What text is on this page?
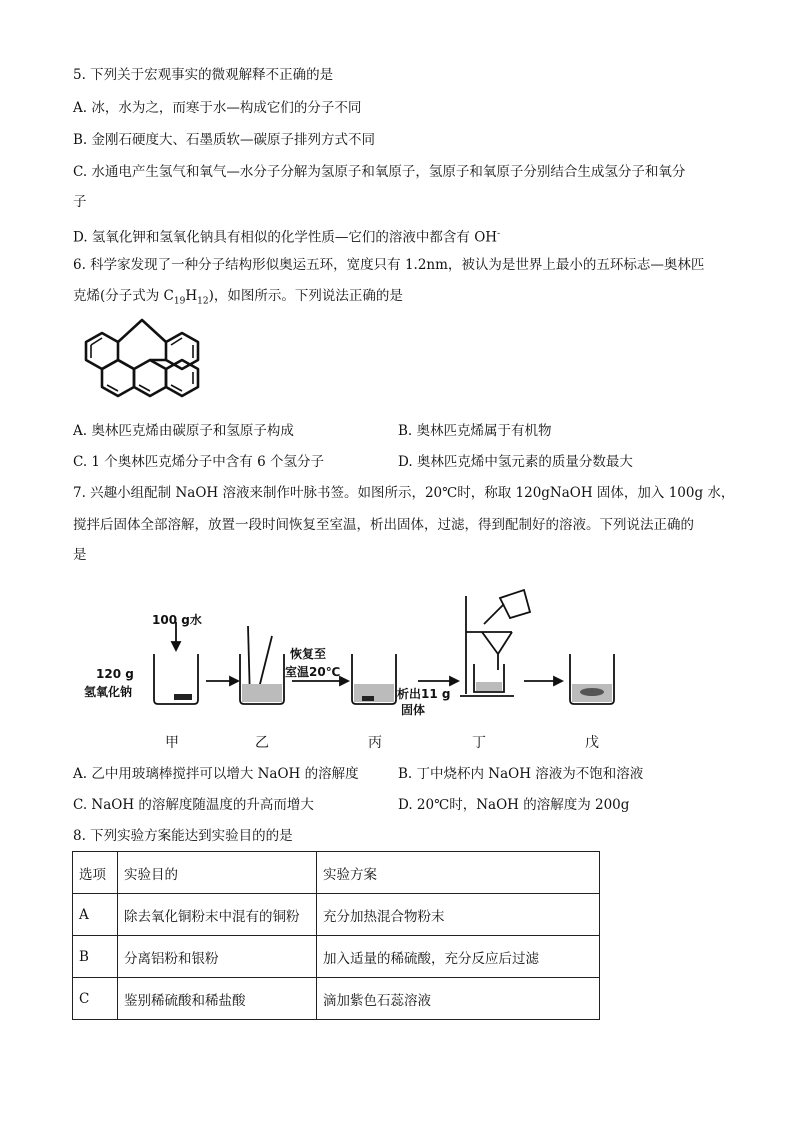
5. 下列关于宏观事实的微观解释不正确的是
A. 冰，水为之，而寒于水—构成它们的分子不同
B. 金刚石硬度大、石墨质软—碳原子排列方式不同
C. 水通电产生氢气和氧气—水分子分解为氢原子和氧原子，氢原子和氧原子分别结合生成氢分子和氧分
子
D. 氢氧化钾和氢氧化钠具有相似的化学性质—它们的溶液中都含有 OH-
6. 科学家发现了一种分子结构形似奥运五环，宽度只有 1.2nm，被认为是世界上最小的五环标志—奥林匹
克烯(分子式为 $C_{19}H_{12}$)，如图所示。下列说法正确的是
A. 奥林匹克烯由碳原子和氢原子构成	B. 奥林匹克烯属于有机物
C. 1 个奥林匹克烯分子中含有 6 个氢分子	D. 奥林匹克烯中氢元素的质量分数最大
7. 兴趣小组配制 NaOH 溶液来制作叶脉书签。如图所示，20℃时，称取 120gNaOH 固体，加入 100g 水，
搅拌后固体全部溶解，放置一段时间恢复至室温，析出固体，过滤，得到配制好的溶液。下列说法正确的
是
100 g水
120 g
氢氧化钠
恢复至
室温20℃
析出11 g
固体
甲	乙	丙	丁	戊
A. 乙中用玻璃棒搅拌可以增大 NaOH 的溶解度	B. 丁中烧杯内 NaOH 溶液为不饱和溶液
C. NaOH 的溶解度随温度的升高而增大	D. 20℃时，NaOH 的溶解度为 200g
8. 下列实验方案能达到实验目的的是
选项	实验目的	实验方案
A	除去氧化铜粉末中混有的铜粉	充分加热混合物粉末
B	分离铝粉和银粉	加入适量的稀硫酸，充分反应后过滤
C	鉴别稀硫酸和稀盐酸	滴加紫色石蕊溶液
